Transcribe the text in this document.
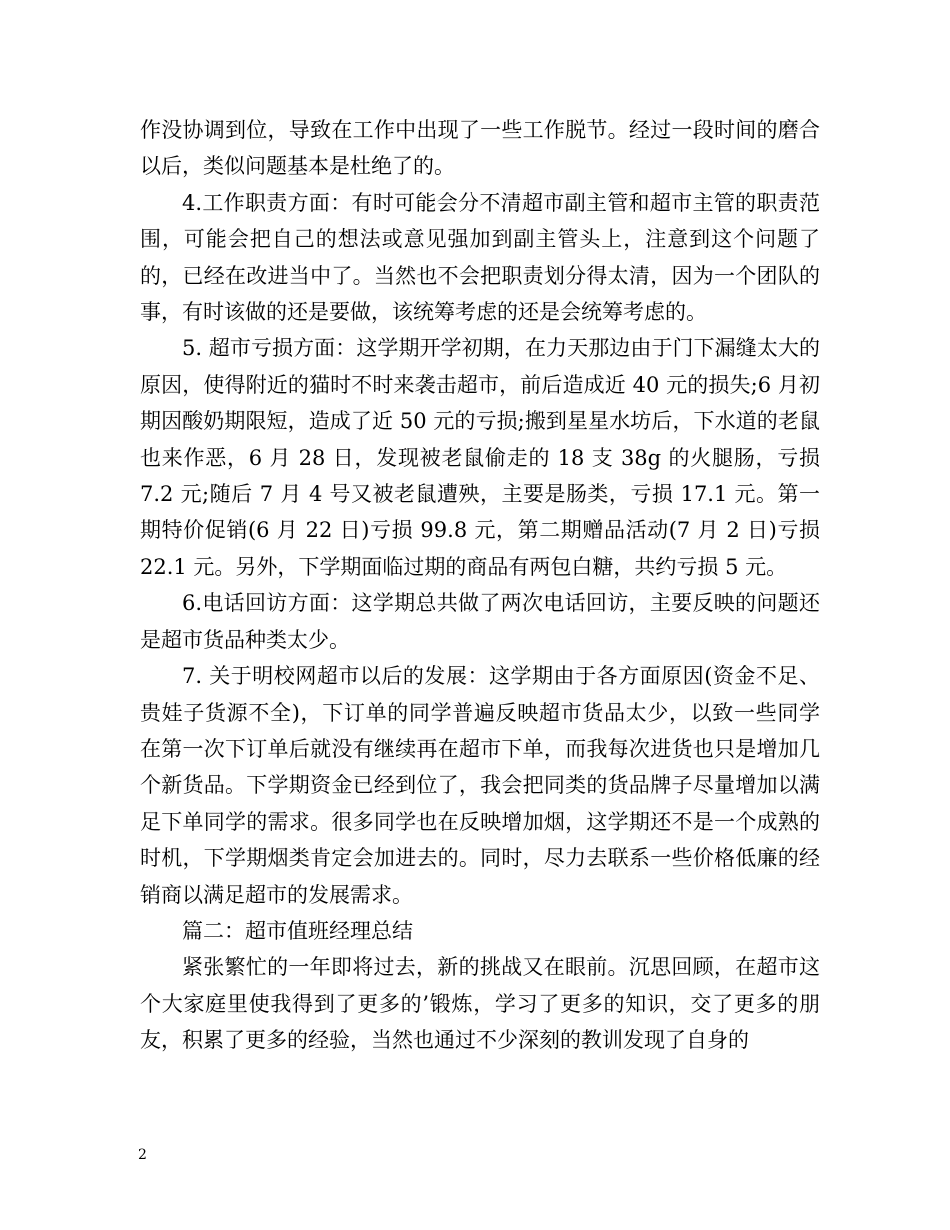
作没协调到位，导致在工作中出现了一些工作脱节。经过一段时间的磨合以后，类似问题基本是杜绝了的。

4.工作职责方面：有时可能会分不清超市副主管和超市主管的职责范围，可能会把自己的想法或意见强加到副主管头上，注意到这个问题了的，已经在改进当中了。当然也不会把职责划分得太清，因为一个团队的事，有时该做的还是要做，该统筹考虑的还是会统筹考虑的。

5. 超市亏损方面：这学期开学初期，在力天那边由于门下漏缝太大的原因，使得附近的猫时不时来袭击超市，前后造成近 40 元的损失;6 月初期因酸奶期限短，造成了近 50 元的亏损;搬到星星水坊后，下水道的老鼠也来作恶，6 月 28 日，发现被老鼠偷走的 18 支 38g 的火腿肠，亏损 7.2 元;随后 7 月 4 号又被老鼠遭殃，主要是肠类，亏损 17.1 元。第一期特价促销(6 月 22 日)亏损 99.8 元，第二期赠品活动(7 月 2 日)亏损 22.1 元。另外，下学期面临过期的商品有两包白糖，共约亏损 5 元。

6.电话回访方面：这学期总共做了两次电话回访，主要反映的问题还是超市货品种类太少。

7. 关于明校网超市以后的发展：这学期由于各方面原因(资金不足、贵娃子货源不全)，下订单的同学普遍反映超市货品太少，以致一些同学在第一次下订单后就没有继续再在超市下单，而我每次进货也只是增加几个新货品。下学期资金已经到位了，我会把同类的货品牌子尽量增加以满足下单同学的需求。很多同学也在反映增加烟，这学期还不是一个成熟的时机，下学期烟类肯定会加进去的。同时，尽力去联系一些价格低廉的经销商以满足超市的发展需求。

篇二：超市值班经理总结

紧张繁忙的一年即将过去，新的挑战又在眼前。沉思回顾，在超市这个大家庭里使我得到了更多的’锻炼，学习了更多的知识，交了更多的朋友，积累了更多的经验，当然也通过不少深刻的教训发现了自身的

2
